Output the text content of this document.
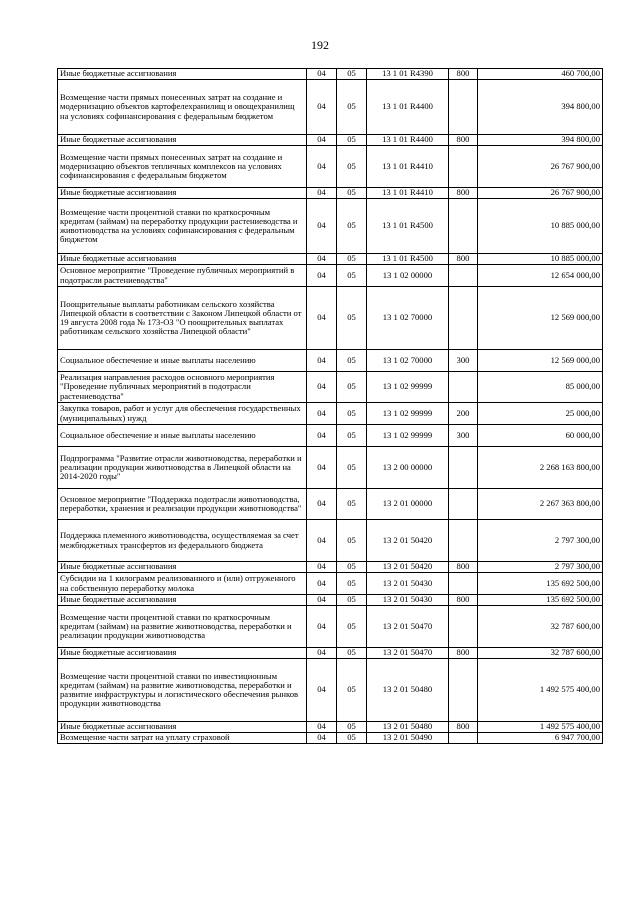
192
Иные бюджетные ассигнования	04	05	13 1 01 R4390	800	460 700,00
Возмещение части прямых понесенных затрат на создание и модернизацию объектов картофелехранилищ и овощехранилищ на условиях софинансирования с федеральным бюджетом	04	05	13 1 01 R4400		394 800,00
Иные бюджетные ассигнования	04	05	13 1 01 R4400	800	394 800,00
Возмещение части прямых понесенных затрат на создание и модернизацию объектов тепличных комплексов на условиях софинансирования с федеральным бюджетом	04	05	13 1 01 R4410		26 767 900,00
Иные бюджетные ассигнования	04	05	13 1 01 R4410	800	26 767 900,00
Возмещение части процентной ставки по краткосрочным кредитам (займам) на переработку продукции растениеводства и животноводства на условиях софинансирования с федеральным бюджетом	04	05	13 1 01 R4500		10 885 000,00
Иные бюджетные ассигнования	04	05	13 1 01 R4500	800	10 885 000,00
Основное мероприятие "Проведение публичных мероприятий в подотрасли растениеводства"	04	05	13 1 02 00000		12 654 000,00
Поощрительные выплаты работникам сельского хозяйства Липецкой области в соответствии с Законом Липецкой области от 19 августа 2008 года № 173-ОЗ "О поощрительных выплатах работникам сельского хозяйства Липецкой области"	04	05	13 1 02 70000		12 569 000,00
Социальное обеспечение и иные выплаты населению	04	05	13 1 02 70000	300	12 569 000,00
Реализация направления расходов основного мероприятия "Проведение публичных мероприятий в подотрасли растениеводства"	04	05	13 1 02 99999		85 000,00
Закупка товаров, работ и услуг для обеспечения государственных (муниципальных) нужд	04	05	13 1 02 99999	200	25 000,00
Социальное обеспечение и иные выплаты населению	04	05	13 1 02 99999	300	60 000,00
Подпрограмма "Развитие отрасли животноводства, переработки и реализации продукции животноводства в Липецкой области на 2014-2020 годы"	04	05	13 2 00 00000		2 268 163 800,00
Основное мероприятие "Поддержка подотрасли животноводства, переработки, хранения и реализации продукции животноводства"	04	05	13 2 01 00000		2 267 363 800,00
Поддержка племенного животноводства, осуществляемая за счет межбюджетных трансфертов из федерального бюджета	04	05	13 2 01 50420		2 797 300,00
Иные бюджетные ассигнования	04	05	13 2 01 50420	800	2 797 300,00
Субсидии на 1 килограмм реализованного и (или) отгруженного на собственную переработку молока	04	05	13 2 01 50430		135 692 500,00
Иные бюджетные ассигнования	04	05	13 2 01 50430	800	135 692 500,00
Возмещение части процентной ставки по краткосрочным кредитам (займам) на развитие животноводства, переработки и реализации продукции животноводства	04	05	13 2 01 50470		32 787 600,00
Иные бюджетные ассигнования	04	05	13 2 01 50470	800	32 787 600,00
Возмещение части процентной ставки по инвестиционным кредитам (займам) на развитие животноводства, переработки и развитие инфраструктуры и логистического обеспечения рынков продукции животноводства	04	05	13 2 01 50480		1 492 575 400,00
Иные бюджетные ассигнования	04	05	13 2 01 50480	800	1 492 575 400,00
Возмещение части затрат на уплату страховой	04	05	13 2 01 50490		6 947 700,00
